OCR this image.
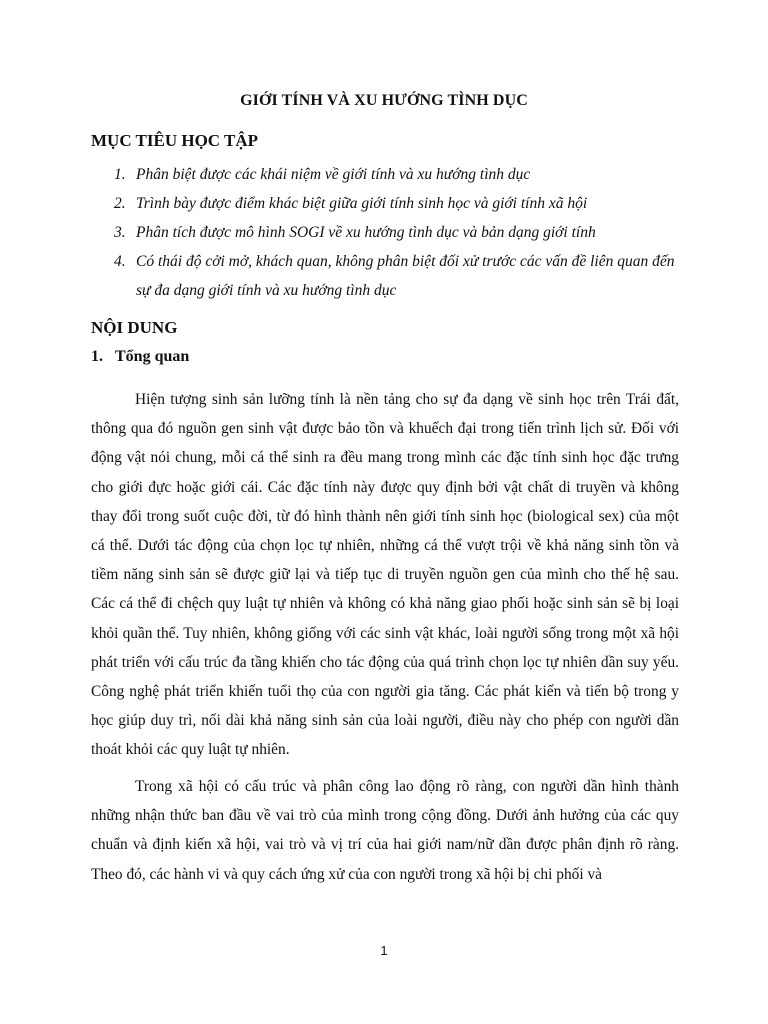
GIỚI TÍNH VÀ XU HƯỚNG TÌNH DỤC
MỤC TIÊU HỌC TẬP
1. Phân biệt được các khái niệm về giới tính và xu hướng tình dục
2. Trình bày được điểm khác biệt giữa giới tính sinh học và giới tính xã hội
3. Phân tích được mô hình SOGI về xu hướng tình dục và bản dạng giới tính
4. Có thái độ cởi mở, khách quan, không phân biệt đối xử trước các vấn đề liên quan đến sự đa dạng giới tính và xu hướng tình dục
NỘI DUNG
1. Tổng quan

Hiện tượng sinh sản lưỡng tính là nền tảng cho sự đa dạng về sinh học trên Trái đất, thông qua đó nguồn gen sinh vật được bảo tồn và khuếch đại trong tiến trình lịch sử. Đối với động vật nói chung, mỗi cá thể sinh ra đều mang trong mình các đặc tính sinh học đặc trưng cho giới đực hoặc giới cái. Các đặc tính này được quy định bởi vật chất di truyền và không thay đổi trong suốt cuộc đời, từ đó hình thành nên giới tính sinh học (biological sex) của một cá thể. Dưới tác động của chọn lọc tự nhiên, những cá thể vượt trội về khả năng sinh tồn và tiềm năng sinh sản sẽ được giữ lại và tiếp tục di truyền nguồn gen của mình cho thế hệ sau. Các cá thể đi chệch quy luật tự nhiên và không có khả năng giao phối hoặc sinh sản sẽ bị loại khỏi quần thể. Tuy nhiên, không giống với các sinh vật khác, loài người sống trong một xã hội phát triển với cấu trúc đa tầng khiến cho tác động của quá trình chọn lọc tự nhiên dần suy yếu. Công nghệ phát triển khiến tuổi thọ của con người gia tăng. Các phát kiến và tiến bộ trong y học giúp duy trì, nối dài khả năng sinh sản của loài người, điều này cho phép con người dần thoát khỏi các quy luật tự nhiên.

Trong xã hội có cấu trúc và phân công lao động rõ ràng, con người dần hình thành những nhận thức ban đầu về vai trò của mình trong cộng đồng. Dưới ảnh hưởng của các quy chuẩn và định kiến xã hội, vai trò và vị trí của hai giới nam/nữ dần được phân định rõ ràng. Theo đó, các hành vi và quy cách ứng xử của con người trong xã hội bị chi phối và

1
